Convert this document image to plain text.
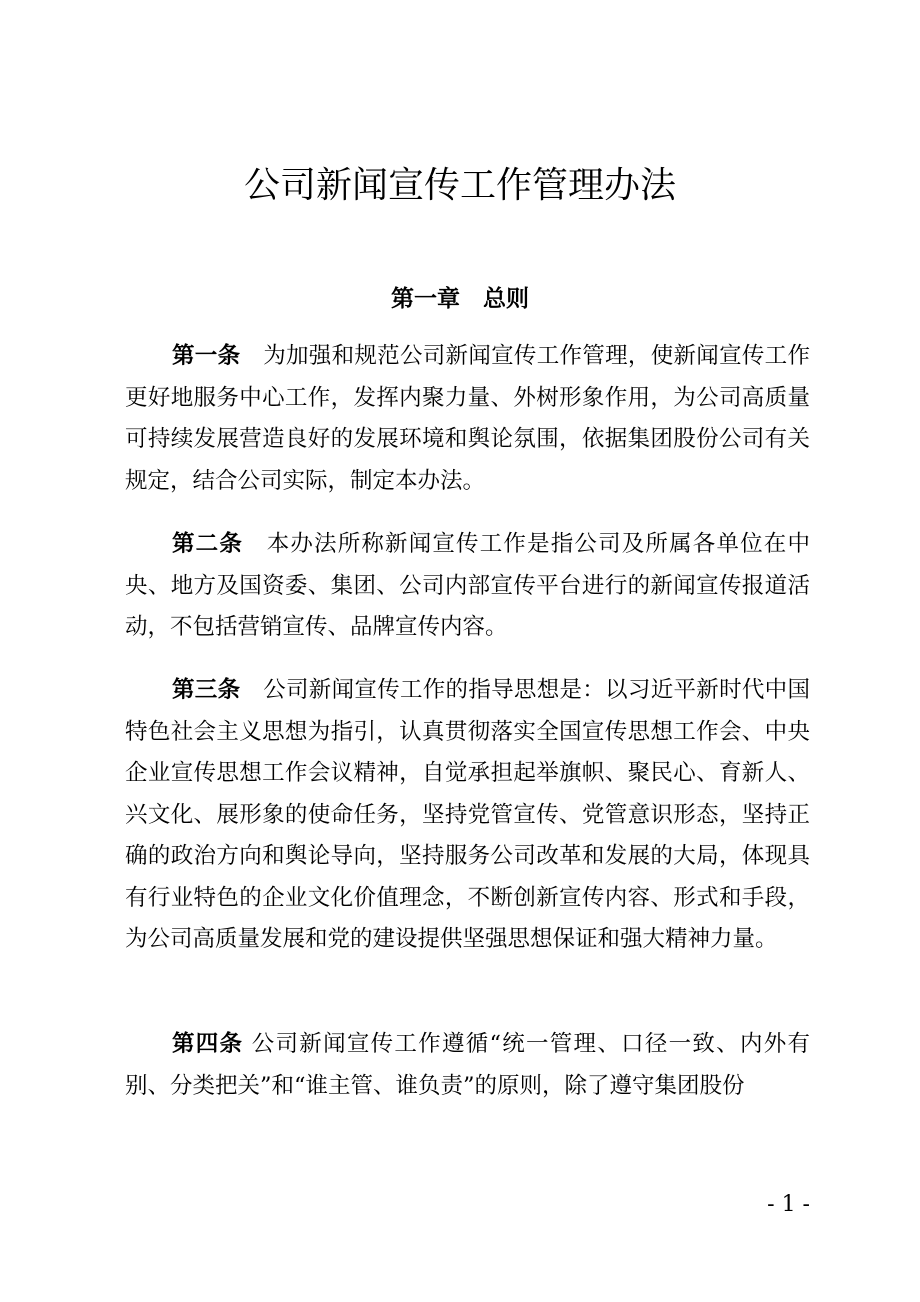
公司新闻宣传工作管理办法
第一章　总则

第一条　 为加强和规范公司新闻宣传工作管理，使新闻宣传工作更好地服务中心工作，发挥内聚力量、外树形象作用，为公司高质量可持续发展营造良好的发展环境和舆论氛围，依据集团股份公司有关规定，结合公司实际，制定本办法。

第二条　 本办法所称新闻宣传工作是指公司及所属各单位在中央、地方及国资委、集团、公司内部宣传平台进行的新闻宣传报道活动，不包括营销宣传、品牌宣传内容。

第三条　 公司新闻宣传工作的指导思想是：以习近平新时代中国特色社会主义思想为指引，认真贯彻落实全国宣传思想工作会、中央企业宣传思想工作会议精神，自觉承担起举旗帜、聚民心、育新人、兴文化、展形象的使命任务，坚持党管宣传、党管意识形态，坚持正确的政治方向和舆论导向，坚持服务公司改革和发展的大局，体现具有行业特色的企业文化价值理念，不断创新宣传内容、形式和手段，为公司高质量发展和党的建设提供坚强思想保证和强大精神力量。

第四条 公司新闻宣传工作遵循“统一管理、口径一致、内外有别、分类把关”和“谁主管、谁负责”的原则，除了遵守集团股份

- 1 -
